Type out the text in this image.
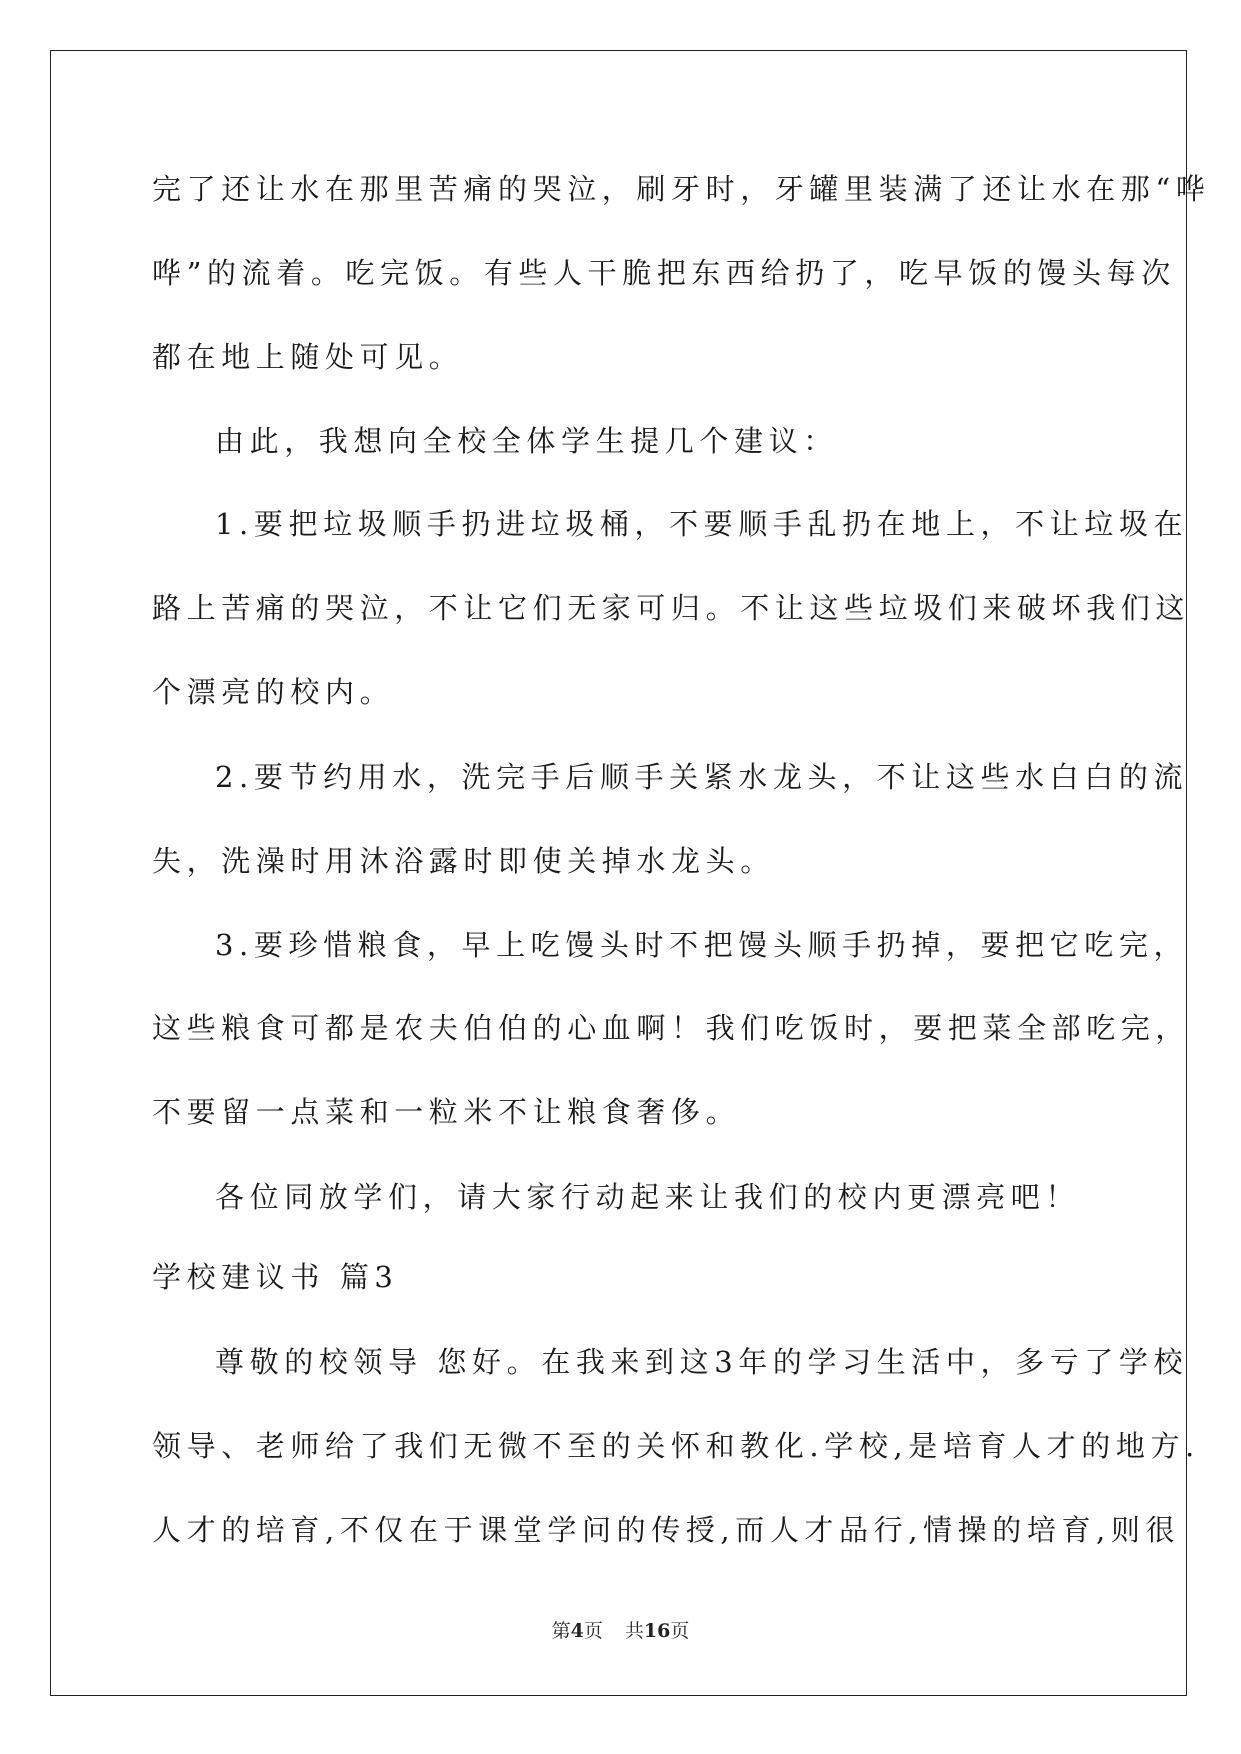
完了还让水在那里苦痛的哭泣，刷牙时，牙罐里装满了还让水在那“哗
哗”的流着。吃完饭。有些人干脆把东西给扔了，吃早饭的馒头每次
都在地上随处可见。
由此，我想向全校全体学生提几个建议：
1.要把垃圾顺手扔进垃圾桶，不要顺手乱扔在地上，不让垃圾在
路上苦痛的哭泣，不让它们无家可归。不让这些垃圾们来破坏我们这
个漂亮的校内。
2.要节约用水，洗完手后顺手关紧水龙头，不让这些水白白的流
失，洗澡时用沐浴露时即使关掉水龙头。
3.要珍惜粮食，早上吃馒头时不把馒头顺手扔掉，要把它吃完，
这些粮食可都是农夫伯伯的心血啊！我们吃饭时，要把菜全部吃完，
不要留一点菜和一粒米不让粮食奢侈。
各位同放学们，请大家行动起来让我们的校内更漂亮吧！
学校建议书 篇3
尊敬的校领导 您好。在我来到这3年的学习生活中，多亏了学校
领导、老师给了我们无微不至的关怀和教化.学校,是培育人才的地方.
人才的培育,不仅在于课堂学问的传授,而人才品行,情操的培育,则很
第4页 共16页
